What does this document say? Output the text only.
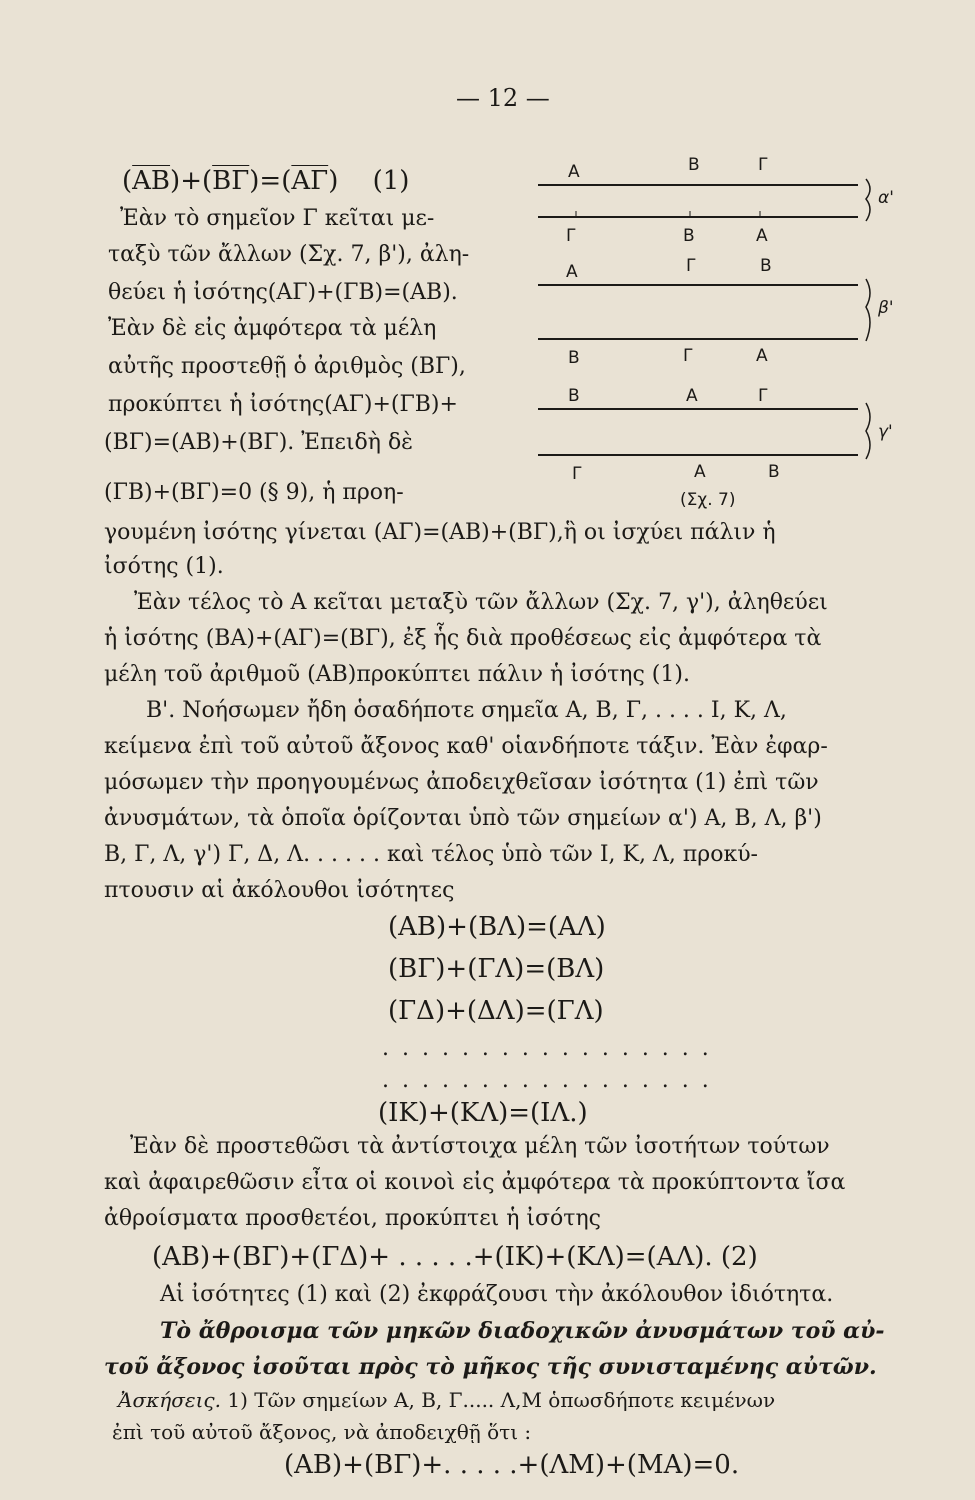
— 12 —
$(\overline{AB})+(\overline{B\Gamma})=(\overline{A\Gamma})$ (1)
Ἐὰν τὸ σημεῖον Γ κεῖται με-
ταξὺ τῶν ἄλλων (Σχ. 7, β'), ἀλη-
θεύει ἡ ἰσότης(ΑΓ)+(ΓΒ)=(ΑΒ).
Ἐὰν δὲ εἰς ἀμφότερα τὰ μέλη
αὐτῆς προστεθῇ ὁ ἀριθμὸς (ΒΓ),
προκύπτει ἡ ἰσότης(ΑΓ)+(ΓΒ)+
(ΒΓ)=(ΑΒ)+(ΒΓ). Ἐπειδὴ δὲ
(ΓΒ)+(ΒΓ)=0 (§ 9), ἡ προη-
Α	Β	Γ
Γ	Β	Α
α'
Α	Γ	Β
Β	Γ	Α
β'
Β	Α	Γ
Γ	Α	Β
γ'
(Σχ. 7)
γουμένη ἰσότης γίνεται (ΑΓ)=(ΑΒ)+(ΒΓ),ἣ οι ἰσχύει πάλιν ἡ
ἰσότης (1).
Ἐὰν τέλος τὸ Α κεῖται μεταξὺ τῶν ἄλλων (Σχ. 7, γ'), ἀληθεύει
ἡ ἰσότης (ΒΑ)+(ΑΓ)=(ΒΓ), ἐξ ἧς διὰ προθέσεως εἰς ἀμφότερα τὰ
μέλη τοῦ ἀριθμοῦ (ΑΒ)προκύπτει πάλιν ἡ ἰσότης (1).
Β'. Νοήσωμεν ἤδη ὁσαδήποτε σημεῖα Α, Β, Γ, . . . . Ι, Κ, Λ,
κείμενα ἐπὶ τοῦ αὐτοῦ ἄξονος καθ' οἱανδήποτε τάξιν. Ἐὰν ἐφαρ-
μόσωμεν τὴν προηγουμένως ἀποδειχθεῖσαν ἰσότητα (1) ἐπὶ τῶν
ἀνυσμάτων, τὰ ὁποῖα ὁρίζονται ὑπὸ τῶν σημείων α') Α, Β, Λ, β')
Β, Γ, Λ, γ') Γ, Δ, Λ. . . . . . καὶ τέλος ὑπὸ τῶν Ι, Κ, Λ, προκύ-
πτουσιν αἱ ἀκόλουθοι ἰσότητες
(ΑΒ)+(ΒΛ)=(ΑΛ)
(ΒΓ)+(ΓΛ)=(ΒΛ)
(ΓΔ)+(ΔΛ)=(ΓΛ)
. . . . . . . . . . . . . . . . .
. . . . . . . . . . . . . . . . .
(ΙΚ)+(ΚΛ)=(ΙΛ.)
Ἐὰν δὲ προστεθῶσι τὰ ἀντίστοιχα μέλη τῶν ἰσοτήτων τούτων
καὶ ἀφαιρεθῶσιν εἶτα οἱ κοινοὶ εἰς ἀμφότερα τὰ προκύπτοντα ἴσα
ἀθροίσματα προσθετέοι, προκύπτει ἡ ἰσότης
(ΑΒ)+(ΒΓ)+(ΓΔ)+ . . . . .+(ΙΚ)+(ΚΛ)=(ΑΛ). (2)
Αἱ ἰσότητες (1) καὶ (2) ἐκφράζουσι τὴν ἀκόλουθον ἰδιότητα.
Τὸ ἄθροισμα τῶν μηκῶν διαδοχικῶν ἀνυσμάτων τοῦ αὐ-
τοῦ ἄξονος ἰσοῦται πρὸς τὸ μῆκος τῆς συνισταμένης αὐτῶν.
Ἀσκήσεις. 1) Τῶν σημείων Α, Β, Γ..... Λ,Μ ὁπωσδήποτε κειμένων
ἐπὶ τοῦ αὐτοῦ ἄξονος, νὰ ἀποδειχθῇ ὅτι :
(ΑΒ)+(ΒΓ)+. . . . .+(ΛΜ)+(ΜΑ)=0.
